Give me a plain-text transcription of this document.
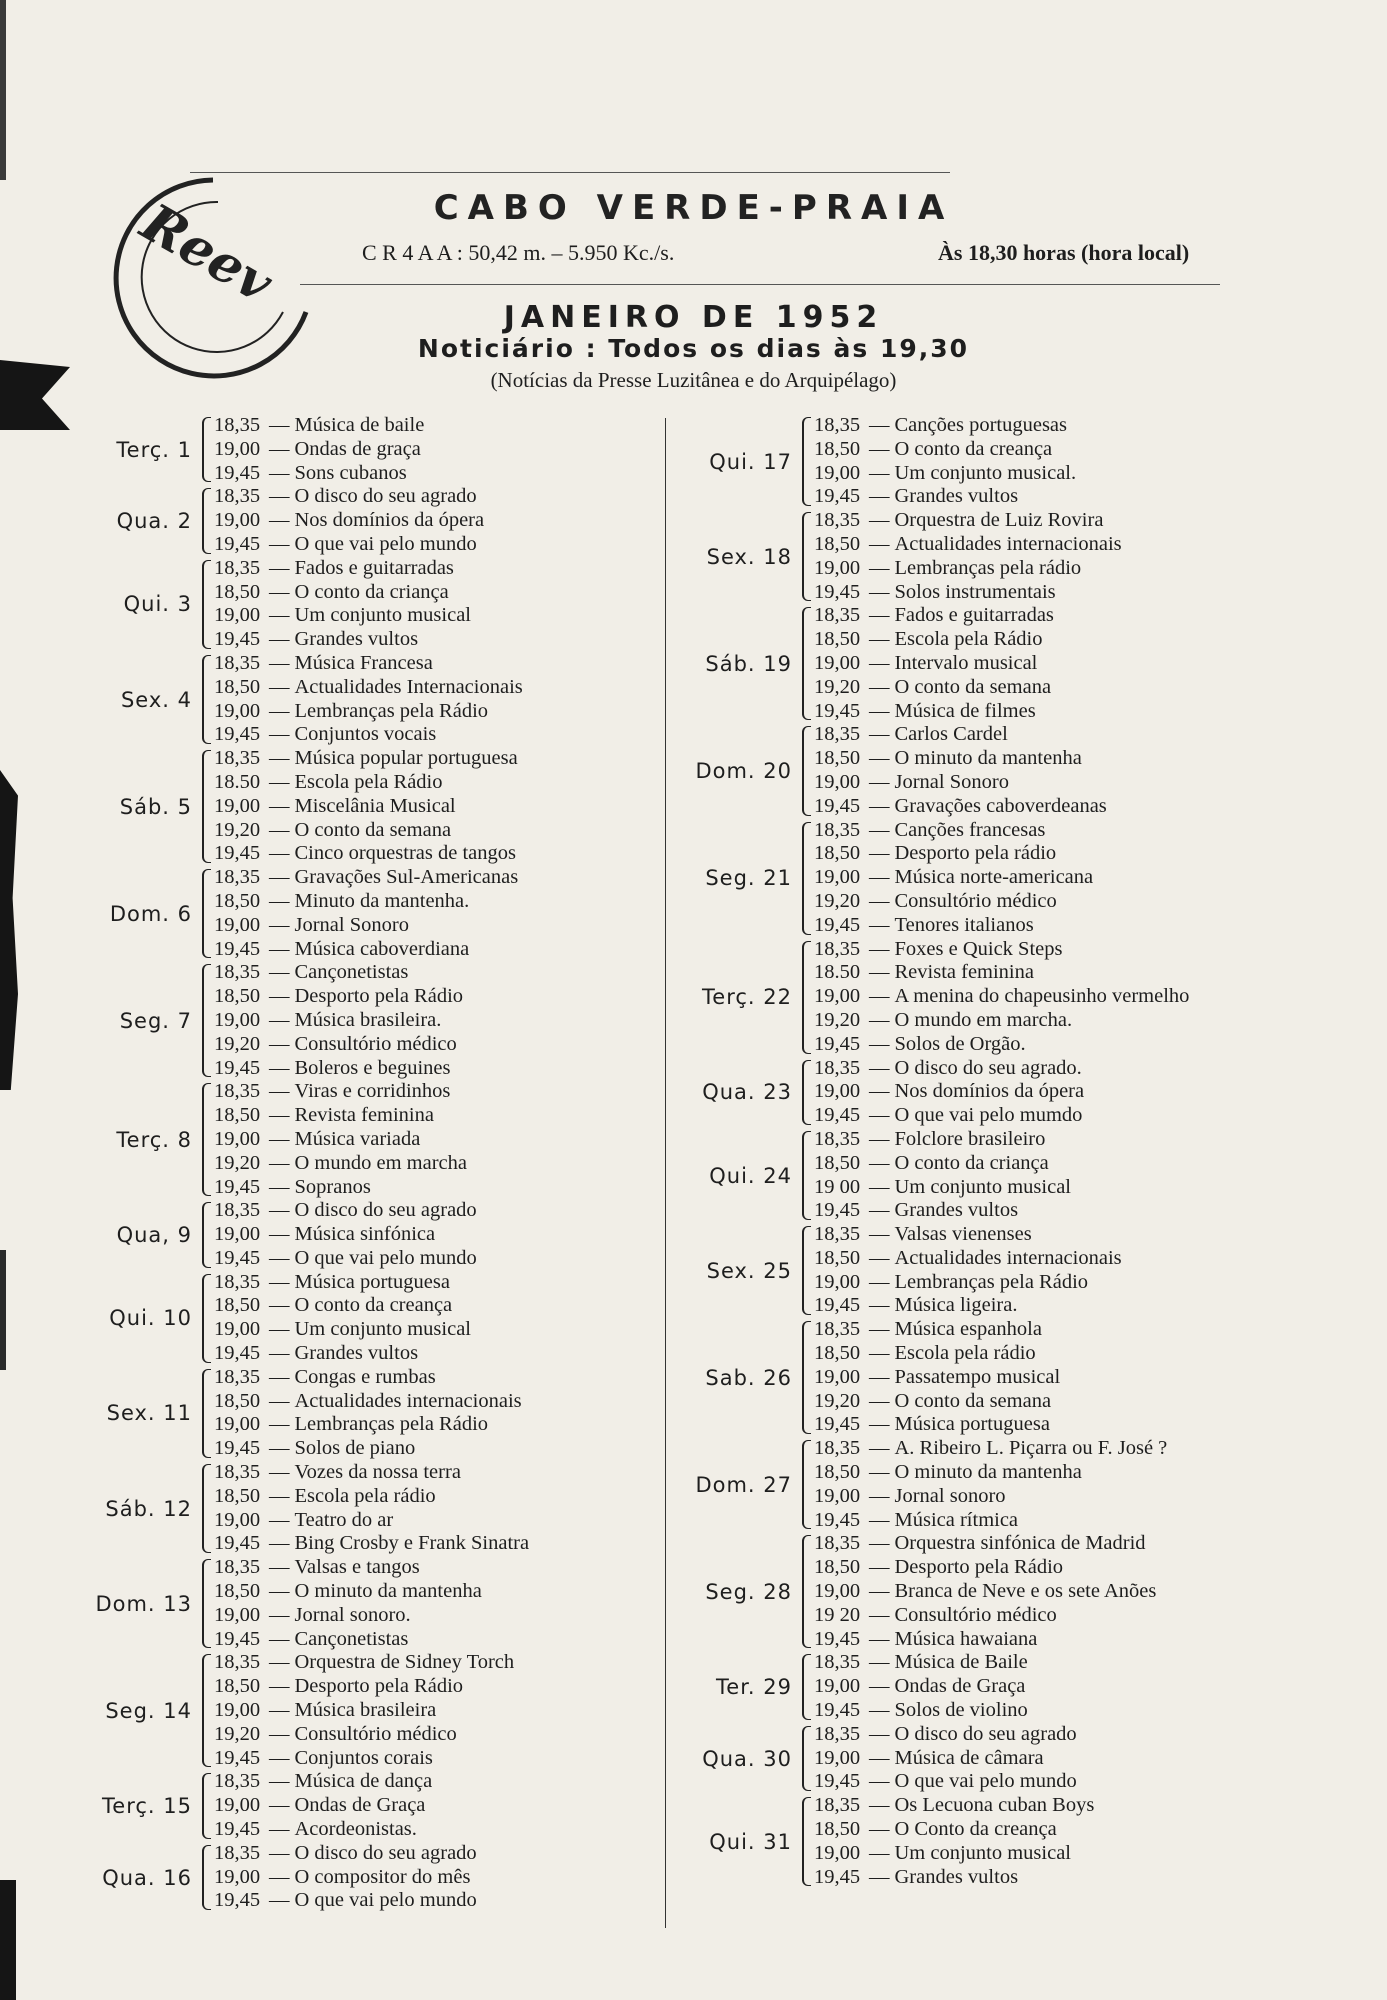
Reev	CABO VERDE-PRAIA
C R 4 A A : 50,42 m. – 5.950 Kc./s.	Às 18,30 horas (hora local)
JANEIRO DE 1952
Noticiário : Todos os dias às 19,30
(Notícias da Presse Luzitânea e do Arquipélago)
Terç. 1
18,35 — Música de baile
19,00 — Ondas de graça
19,45 — Sons cubanos
Qua. 2
18,35 — O disco do seu agrado
19,00 — Nos domínios da ópera
19,45 — O que vai pelo mundo
Qui. 3
18,35 — Fados e guitarradas
18,50 — O conto da criança
19,00 — Um conjunto musical
19,45 — Grandes vultos
Sex. 4
18,35 — Música Francesa
18,50 — Actualidades Internacionais
19,00 — Lembranças pela Rádio
19,45 — Conjuntos vocais
Sáb. 5
18,35 — Música popular portuguesa
18.50 — Escola pela Rádio
19,00 — Miscelânia Musical
19,20 — O conto da semana
19,45 — Cinco orquestras de tangos
Dom. 6
18,35 — Gravações Sul-Americanas
18,50 — Minuto da mantenha.
19,00 — Jornal Sonoro
19,45 — Música caboverdiana
Seg. 7
18,35 — Cançonetistas
18,50 — Desporto pela Rádio
19,00 — Música brasileira.
19,20 — Consultório médico
19,45 — Boleros e beguines
Terç. 8
18,35 — Viras e corridinhos
18,50 — Revista feminina
19,00 — Música variada
19,20 — O mundo em marcha
19,45 — Sopranos
Qua, 9
18,35 — O disco do seu agrado
19,00 — Música sinfónica
19,45 — O que vai pelo mundo
Qui. 10
18,35 — Música portuguesa
18,50 — O conto da creança
19,00 — Um conjunto musical
19,45 — Grandes vultos
Sex. 11
18,35 — Congas e rumbas
18,50 — Actualidades internacionais
19,00 — Lembranças pela Rádio
19,45 — Solos de piano
Sáb. 12
18,35 — Vozes da nossa terra
18,50 — Escola pela rádio
19,00 — Teatro do ar
19,45 — Bing Crosby e Frank Sinatra
Dom. 13
18,35 — Valsas e tangos
18,50 — O minuto da mantenha
19,00 — Jornal sonoro.
19,45 — Cançonetistas
Seg. 14
18,35 — Orquestra de Sidney Torch
18,50 — Desporto pela Rádio
19,00 — Música brasileira
19,20 — Consultório médico
19,45 — Conjuntos corais
Terç. 15
18,35 — Música de dança
19,00 — Ondas de Graça
19,45 — Acordeonistas.
Qua. 16
18,35 — O disco do seu agrado
19,00 — O compositor do mês
19,45 — O que vai pelo mundo
Qui. 17
18,35 — Canções portuguesas
18,50 — O conto da creança
19,00 — Um conjunto musical.
19,45 — Grandes vultos
Sex. 18
18,35 — Orquestra de Luiz Rovira
18,50 — Actualidades internacionais
19,00 — Lembranças pela rádio
19,45 — Solos instrumentais
Sáb. 19
18,35 — Fados e guitarradas
18,50 — Escola pela Rádio
19,00 — Intervalo musical
19,20 — O conto da semana
19,45 — Música de filmes
Dom. 20
18,35 — Carlos Cardel
18,50 — O minuto da mantenha
19,00 — Jornal Sonoro
19,45 — Gravações caboverdeanas
Seg. 21
18,35 — Canções francesas
18,50 — Desporto pela rádio
19,00 — Música norte-americana
19,20 — Consultório médico
19,45 — Tenores italianos
Terç. 22
18,35 — Foxes e Quick Steps
18.50 — Revista feminina
19,00 — A menina do chapeusinho vermelho
19,20 — O mundo em marcha.
19,45 — Solos de Orgão.
Qua. 23
18,35 — O disco do seu agrado.
19,00 — Nos domínios da ópera
19,45 — O que vai pelo mumdo
Qui. 24
18,35 — Folclore brasileiro
18,50 — O conto da criança
19 00 — Um conjunto musical
19,45 — Grandes vultos
Sex. 25
18,35 — Valsas vienenses
18,50 — Actualidades internacionais
19,00 — Lembranças pela Rádio
19,45 — Música ligeira.
Sab. 26
18,35 — Música espanhola
18,50 — Escola pela rádio
19,00 — Passatempo musical
19,20 — O conto da semana
19,45 — Música portuguesa
Dom. 27
18,35 — A. Ribeiro L. Piçarra ou F. José ?
18,50 — O minuto da mantenha
19,00 — Jornal sonoro
19,45 — Música rítmica
Seg. 28
18,35 — Orquestra sinfónica de Madrid
18,50 — Desporto pela Rádio
19,00 — Branca de Neve e os sete Anões
19 20 — Consultório médico
19,45 — Música hawaiana
Ter. 29
18,35 — Música de Baile
19,00 — Ondas de Graça
19,45 — Solos de violino
Qua. 30
18,35 — O disco do seu agrado
19,00 — Música de câmara
19,45 — O que vai pelo mundo
Qui. 31
18,35 — Os Lecuona cuban Boys
18,50 — O Conto da creança
19,00 — Um conjunto musical
19,45 — Grandes vultos
